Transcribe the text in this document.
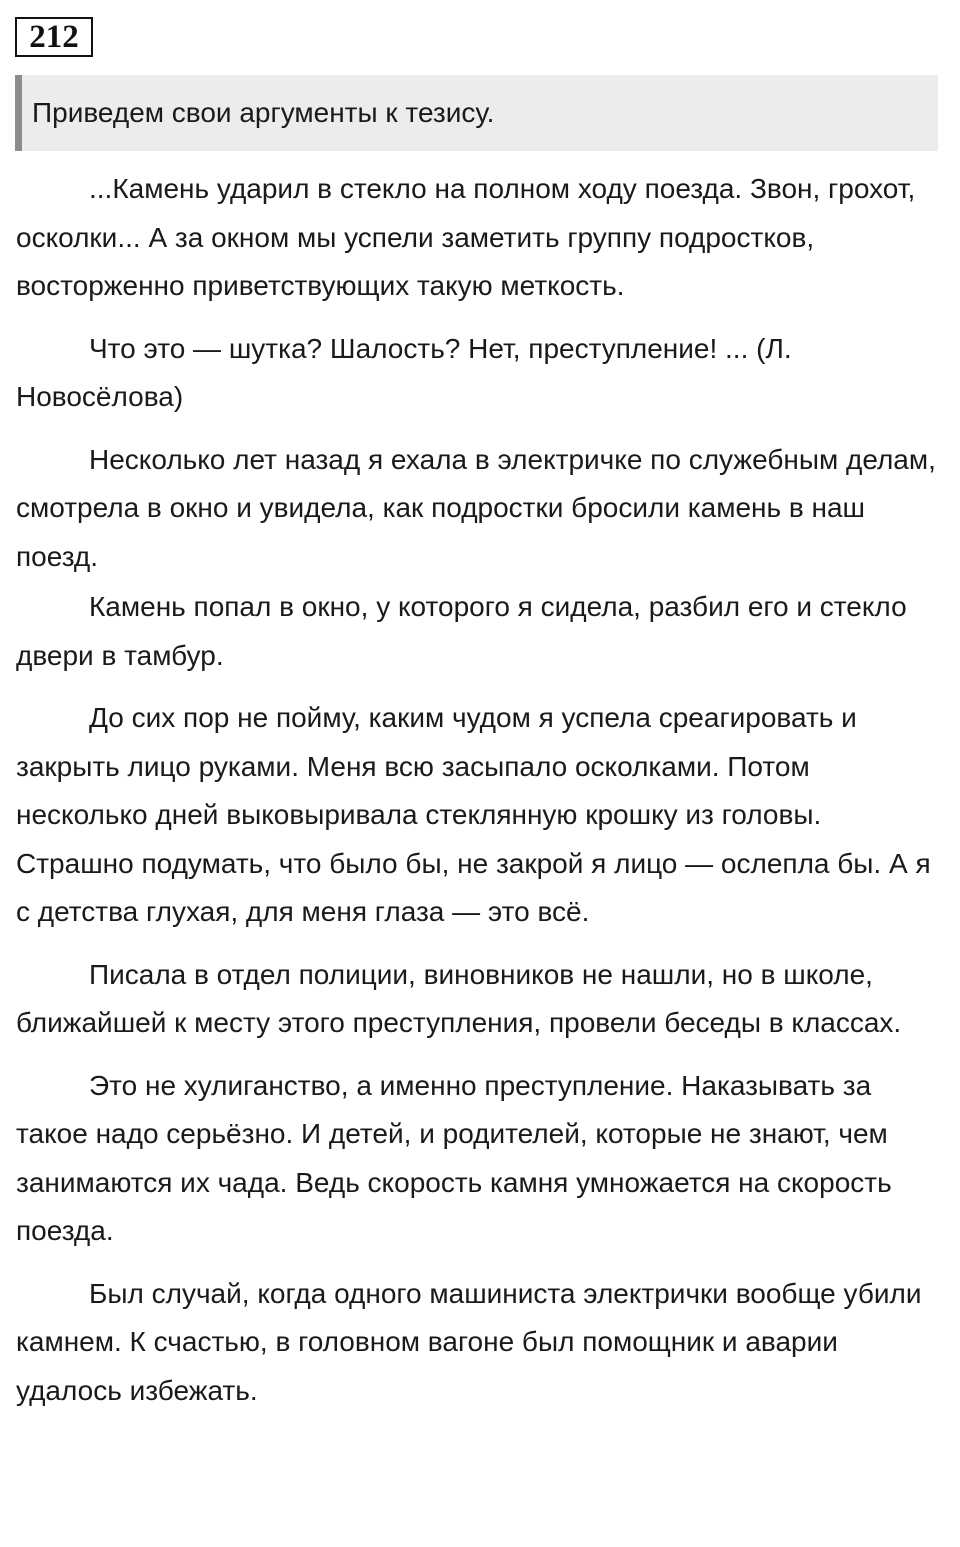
212
Приведем свои аргументы к тезису.

...Камень ударил в стекло на полном ходу поезда. Звон, грохот, осколки... А за окном мы успели заметить группу подростков, восторженно приветствующих такую меткость.

Что это — шутка? Шалость? Нет, преступление! ... (Л. Новосёлова)

Несколько лет назад я ехала в электричке по служебным делам, смотрела в окно и увидела, как подростки бросили камень в наш поезд.

Камень попал в окно, у которого я сидела, разбил его и стекло двери в тамбур.

До сих пор не пойму, каким чудом я успела среагировать и закрыть лицо руками. Меня всю засыпало осколками. Потом несколько дней выковыривала стеклянную крошку из головы. Страшно подумать, что было бы, не закрой я лицо — ослепла бы. А я с детства глухая, для меня глаза — это всё.

Писала в отдел полиции, виновников не нашли, но в школе, ближайшей к месту этого преступления, провели беседы в классах.

Это не хулиганство, а именно преступление. Наказывать за такое надо серьёзно. И детей, и родителей, которые не знают, чем занимаются их чада. Ведь скорость камня умножается на скорость поезда.

Был случай, когда одного машиниста электрички вообще убили камнем. К счастью, в головном вагоне был помощник и аварии удалось избежать.
